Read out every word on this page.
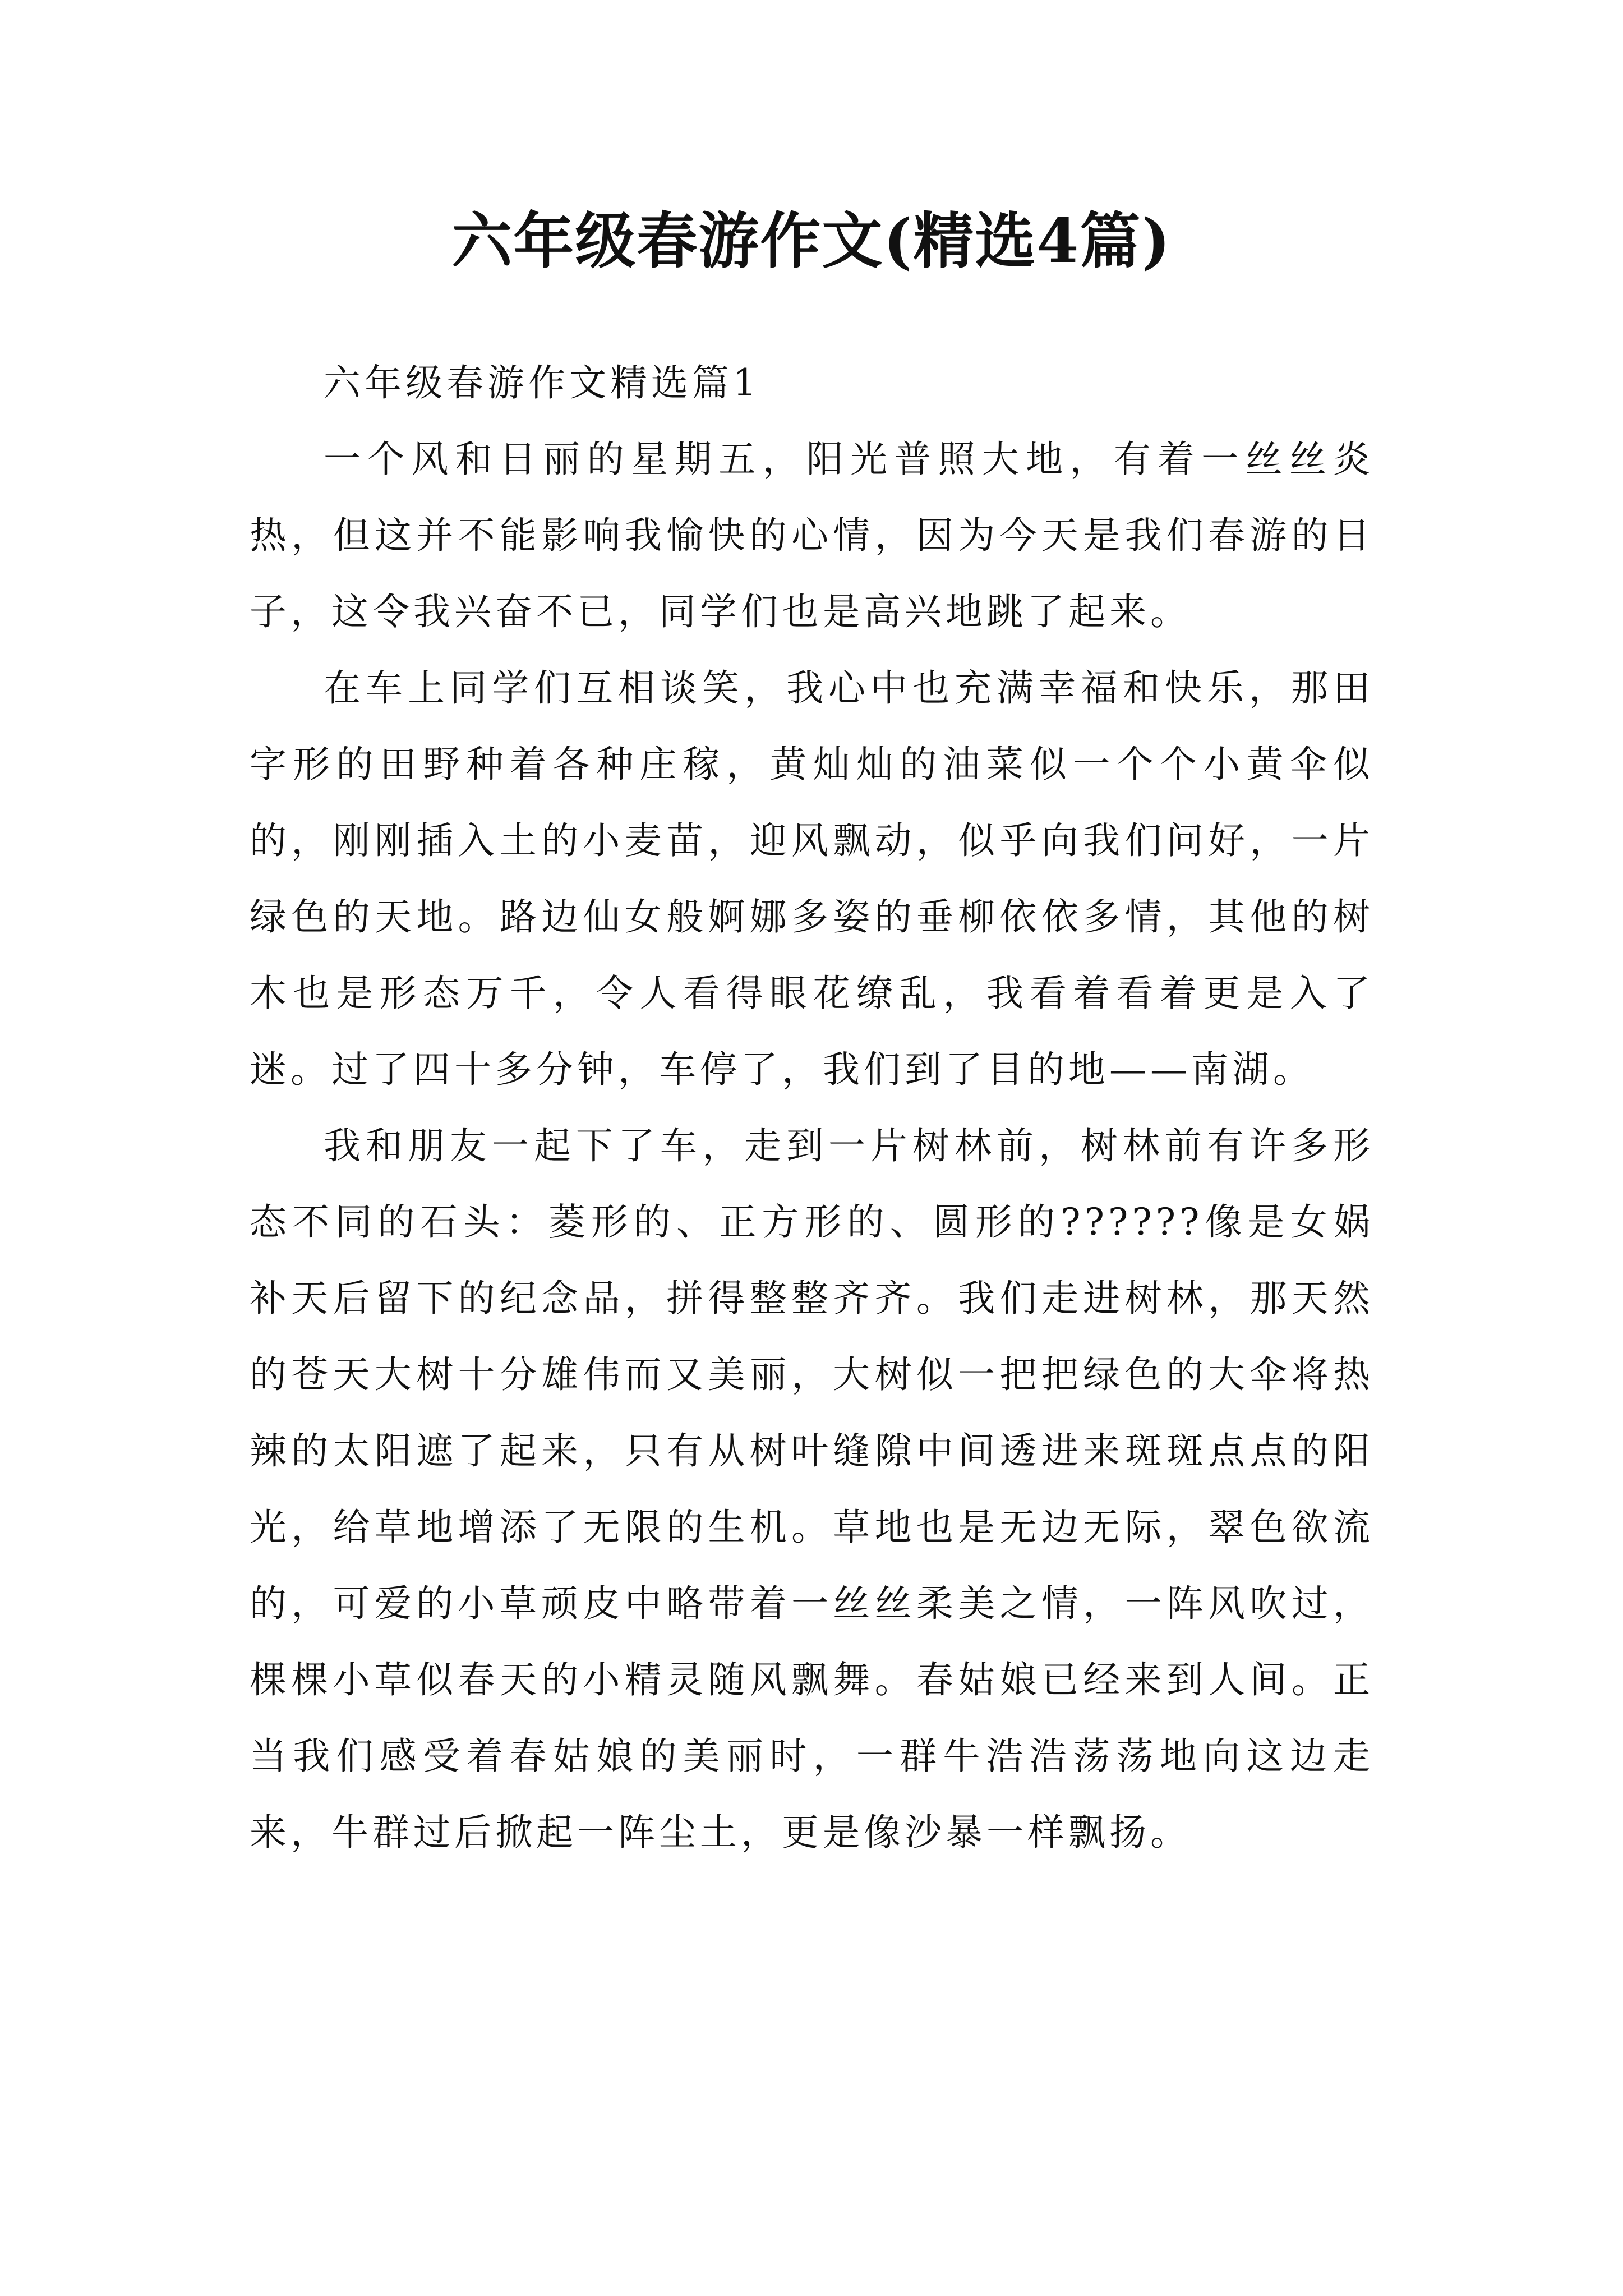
六年级春游作文(精选4篇)

六年级春游作文精选篇1

一个风和日丽的星期五，阳光普照大地，有着一丝丝炎热，但这并不能影响我愉快的心情，因为今天是我们春游的日子，这令我兴奋不已，同学们也是高兴地跳了起来。

在车上同学们互相谈笑，我心中也充满幸福和快乐，那田字形的田野种着各种庄稼，黄灿灿的油菜似一个个小黄伞似的，刚刚插入土的小麦苗，迎风飘动，似乎向我们问好，一片绿色的天地。路边仙女般婀娜多姿的垂柳依依多情，其他的树木也是形态万千，令人看得眼花缭乱，我看着看着更是入了迷。过了四十多分钟，车停了，我们到了目的地——南湖。

我和朋友一起下了车，走到一片树林前，树林前有许多形态不同的石头：菱形的、正方形的、圆形的??????像是女娲补天后留下的纪念品，拼得整整齐齐。我们走进树林，那天然的苍天大树十分雄伟而又美丽，大树似一把把绿色的大伞将热辣的太阳遮了起来，只有从树叶缝隙中间透进来斑斑点点的阳光，给草地增添了无限的生机。草地也是无边无际，翠色欲流的，可爱的小草顽皮中略带着一丝丝柔美之情，一阵风吹过，棵棵小草似春天的小精灵随风飘舞。春姑娘已经来到人间。正当我们感受着春姑娘的美丽时，一群牛浩浩荡荡地向这边走来，牛群过后掀起一阵尘土，更是像沙暴一样飘扬。
